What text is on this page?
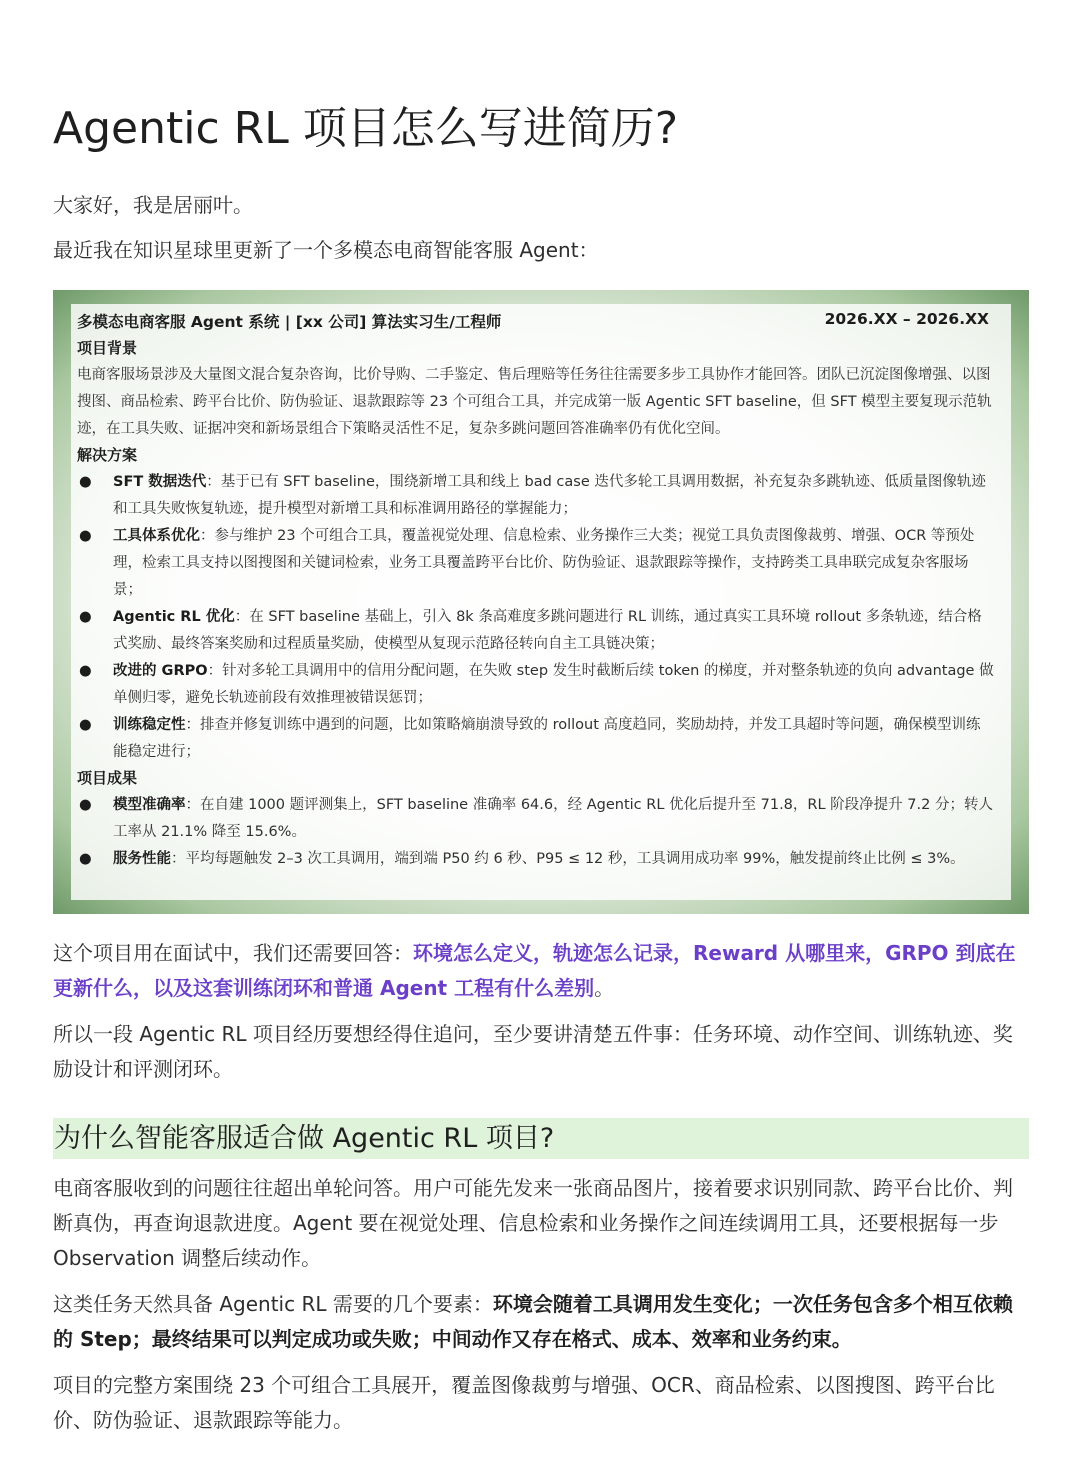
Agentic RL 项目怎么写进简历?

大家好，我是居丽叶。

最近我在知识星球里更新了一个多模态电商智能客服 Agent：

多模态电商客服 Agent 系统 | [xx 公司] 算法实习生/工程师	2026.XX – 2026.XX
项目背景

电商客服场景涉及大量图文混合复杂咨询，比价导购、二手鉴定、售后理赔等任务往往需要多步工具协作才能回答。团队已沉淀图像增强、以图搜图、商品检索、跨平台比价、防伪验证、退款跟踪等 23 个可组合工具，并完成第一版 Agentic SFT baseline，但 SFT 模型主要复现示范轨迹，在工具失败、证据冲突和新场景组合下策略灵活性不足，复杂多跳问题回答准确率仍有优化空间。

解决方案
● SFT 数据迭代：基于已有 SFT baseline，围绕新增工具和线上 bad case 迭代多轮工具调用数据，补充复杂多跳轨迹、低质量图像轨迹和工具失败恢复轨迹，提升模型对新增工具和标准调用路径的掌握能力；
● 工具体系优化：参与维护 23 个可组合工具，覆盖视觉处理、信息检索、业务操作三大类；视觉工具负责图像裁剪、增强、OCR 等预处理，检索工具支持以图搜图和关键词检索，业务工具覆盖跨平台比价、防伪验证、退款跟踪等操作，支持跨类工具串联完成复杂客服场景；
● Agentic RL 优化：在 SFT baseline 基础上，引入 8k 条高难度多跳问题进行 RL 训练，通过真实工具环境 rollout 多条轨迹，结合格式奖励、最终答案奖励和过程质量奖励，使模型从复现示范路径转向自主工具链决策；
● 改进的 GRPO：针对多轮工具调用中的信用分配问题，在失败 step 发生时截断后续 token 的梯度，并对整条轨迹的负向 advantage 做单侧归零，避免长轨迹前段有效推理被错误惩罚；
● 训练稳定性：排查并修复训练中遇到的问题，比如策略熵崩溃导致的 rollout 高度趋同，奖励劫持，并发工具超时等问题，确保模型训练能稳定进行；
项目成果
● 模型准确率：在自建 1000 题评测集上，SFT baseline 准确率 64.6，经 Agentic RL 优化后提升至 71.8，RL 阶段净提升 7.2 分；转人工率从 21.1% 降至 15.6%。
● 服务性能：平均每题触发 2–3 次工具调用，端到端 P50 约 6 秒、P95 ≤ 12 秒，工具调用成功率 99%，触发提前终止比例 ≤ 3%。

这个项目用在面试中，我们还需要回答：环境怎么定义，轨迹怎么记录，Reward 从哪里来，GRPO 到底在更新什么，以及这套训练闭环和普通 Agent 工程有什么差别。

所以一段 Agentic RL 项目经历要想经得住追问，至少要讲清楚五件事：任务环境、动作空间、训练轨迹、奖励设计和评测闭环。

为什么智能客服适合做 Agentic RL 项目?

电商客服收到的问题往往超出单轮问答。用户可能先发来一张商品图片，接着要求识别同款、跨平台比价、判断真伪，再查询退款进度。Agent 要在视觉处理、信息检索和业务操作之间连续调用工具，还要根据每一步 Observation 调整后续动作。

这类任务天然具备 Agentic RL 需要的几个要素：环境会随着工具调用发生变化；一次任务包含多个相互依赖的 Step；最终结果可以判定成功或失败；中间动作又存在格式、成本、效率和业务约束。

项目的完整方案围绕 23 个可组合工具展开，覆盖图像裁剪与增强、OCR、商品检索、以图搜图、跨平台比价、防伪验证、退款跟踪等能力。
